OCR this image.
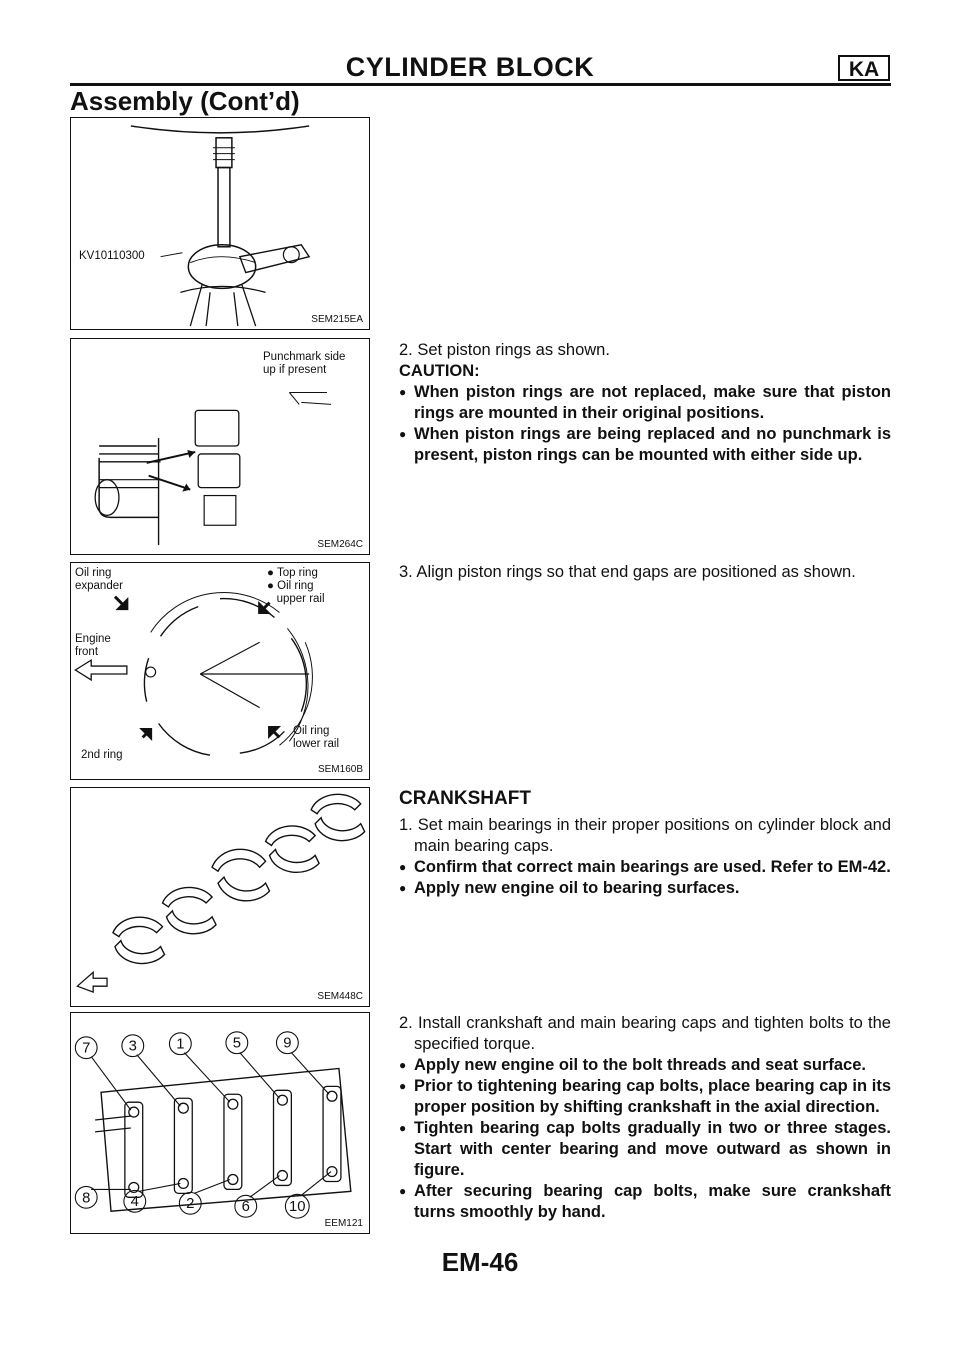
CYLINDER BLOCK	KA
Assembly (Cont’d)
KV10110300
SEM215EA
Punchmark side
up if present
SEM264C
Oil ring
expander
● Top ring
● Oil ring
upper rail
Engine
front
2nd ring
Oil ring
lower rail
SEM160B
SEM448C
7	3	1	5	9
8	4	2	6	10
EEM121

2. Set piston rings as shown.

CAUTION:

● When piston rings are not replaced, make sure that piston rings are mounted in their original positions.

● When piston rings are being replaced and no punchmark is present, piston rings can be mounted with either side up.

3. Align piston rings so that end gaps are positioned as shown.

CRANKSHAFT

1. Set main bearings in their proper positions on cylinder block and main bearing caps.

● Confirm that correct main bearings are used. Refer to EM-42.

● Apply new engine oil to bearing surfaces.

2. Install crankshaft and main bearing caps and tighten bolts to the specified torque.

● Apply new engine oil to the bolt threads and seat surface.

● Prior to tightening bearing cap bolts, place bearing cap in its proper position by shifting crankshaft in the axial direction.

● Tighten bearing cap bolts gradually in two or three stages. Start with center bearing and move outward as shown in figure.

● After securing bearing cap bolts, make sure crankshaft turns smoothly by hand.

EM-46
